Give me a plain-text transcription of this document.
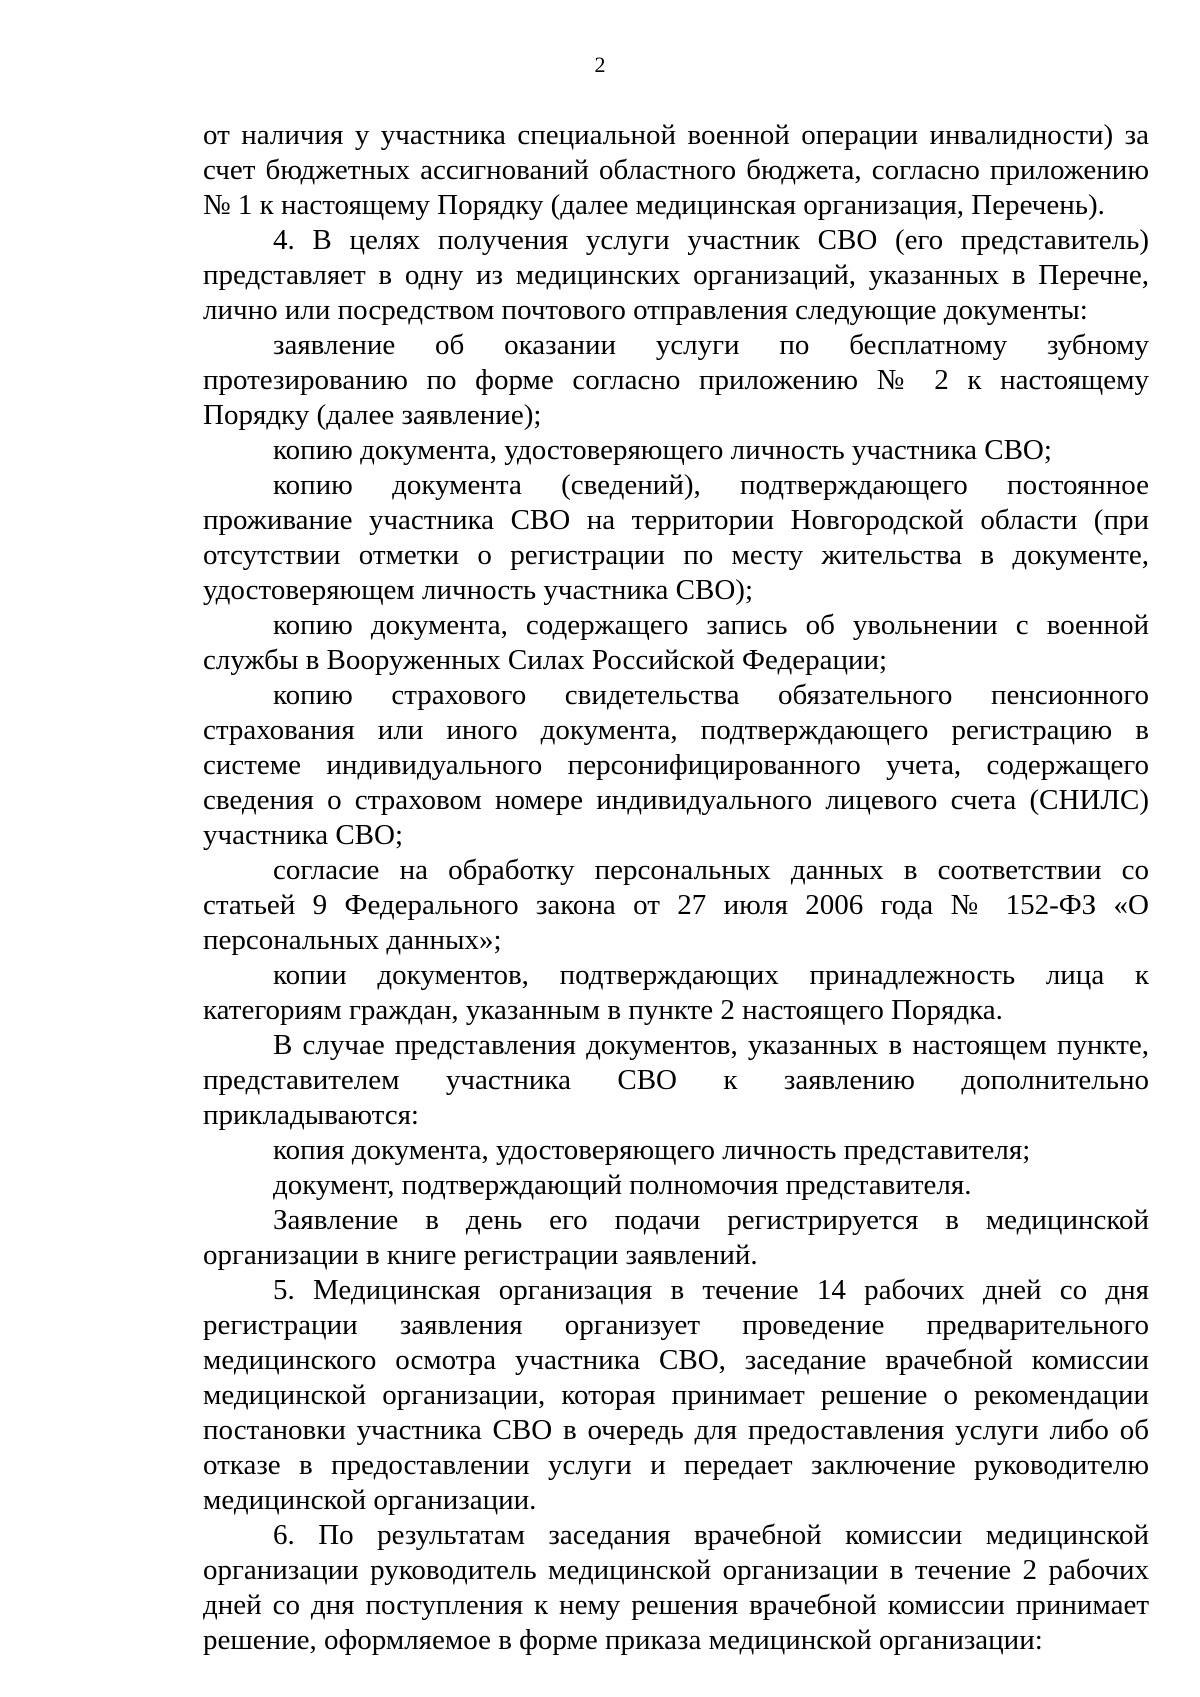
2

от наличия у участника специальной военной операции инвалидности) за счет бюджетных ассигнований областного бюджета, согласно приложению № 1 к настоящему Порядку (далее медицинская организация, Перечень).

4. В целях получения услуги участник СВО (его представитель) представляет в одну из медицинских организаций, указанных в Перечне, лично или посредством почтового отправления следующие документы:

заявление об оказании услуги по бесплатному зубному протезированию по форме согласно приложению № 2 к настоящему Порядку (далее заявление);

копию документа, удостоверяющего личность участника СВО;

копию документа (сведений), подтверждающего постоянное проживание участника СВО на территории Новгородской области (при отсутствии отметки о регистрации по месту жительства в документе, удостоверяющем личность участника СВО);

копию документа, содержащего запись об увольнении с военной службы в Вооруженных Силах Российской Федерации;

копию страхового свидетельства обязательного пенсионного страхования или иного документа, подтверждающего регистрацию в системе индивидуального персонифицированного учета, содержащего сведения о страховом номере индивидуального лицевого счета (СНИЛС) участника СВО;

согласие на обработку персональных данных в соответствии со статьей 9 Федерального закона от 27 июля 2006 года № 152-ФЗ «О персональных данных»;

копии документов, подтверждающих принадлежность лица к категориям граждан, указанным в пункте 2 настоящего Порядка.

В случае представления документов, указанных в настоящем пункте, представителем участника СВО к заявлению дополнительно прикладываются:

копия документа, удостоверяющего личность представителя;

документ, подтверждающий полномочия представителя.

Заявление в день его подачи регистрируется в медицинской организации в книге регистрации заявлений.

5. Медицинская организация в течение 14 рабочих дней со дня регистрации заявления организует проведение предварительного медицинского осмотра участника СВО, заседание врачебной комиссии медицинской организации, которая принимает решение о рекомендации постановки участника СВО в очередь для предоставления услуги либо об отказе в предоставлении услуги и передает заключение руководителю медицинской организации.

6. По результатам заседания врачебной комиссии медицинской организации руководитель медицинской организации в течение 2 рабочих дней со дня поступления к нему решения врачебной комиссии принимает решение, оформляемое в форме приказа медицинской организации:
